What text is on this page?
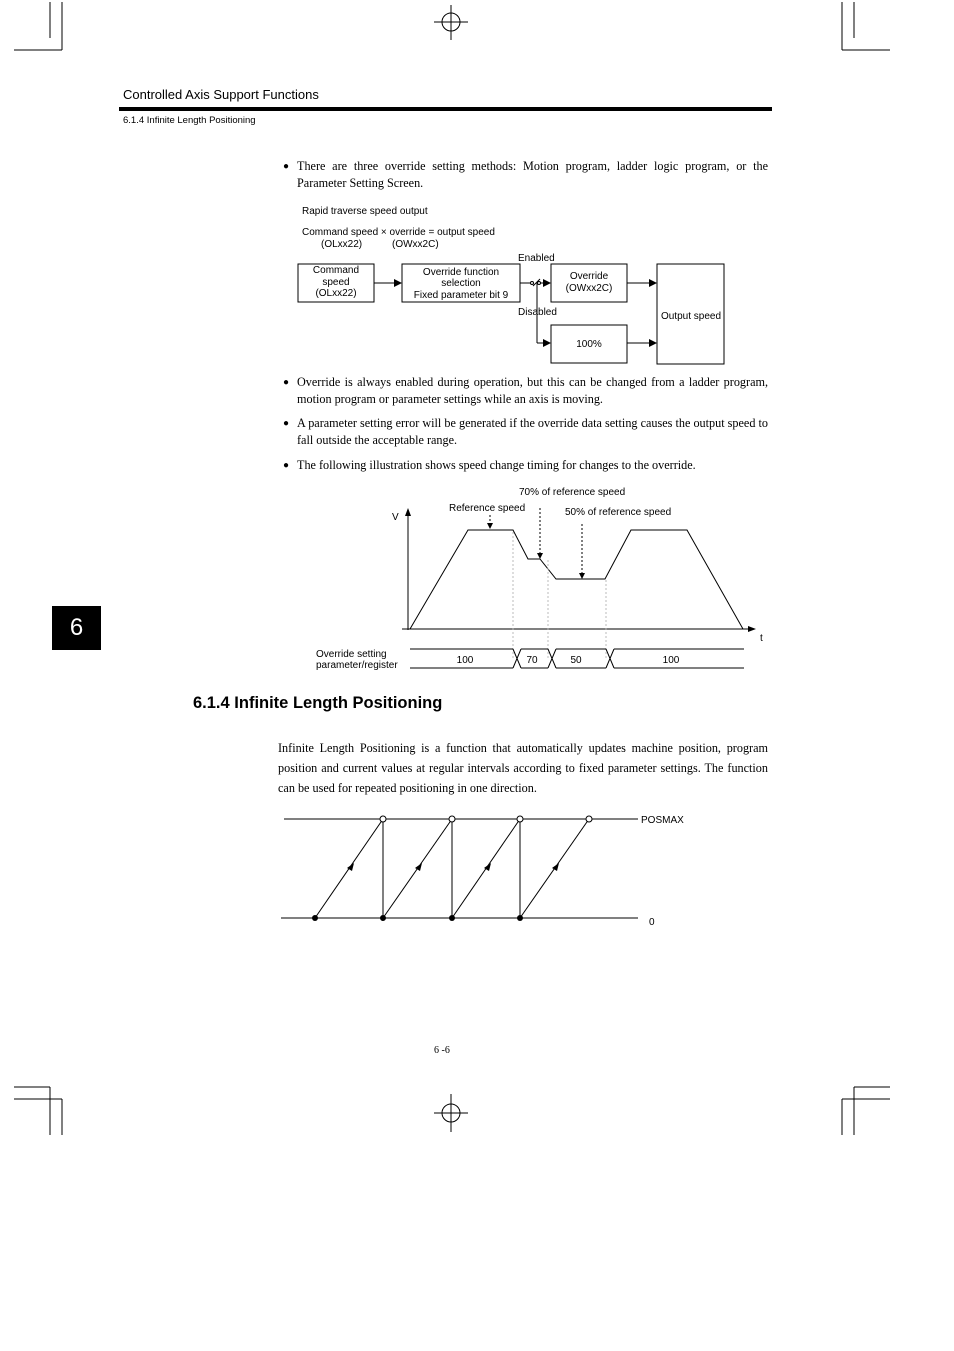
Controlled Axis Support Functions
6.1.4 Infinite Length Positioning
● There are three override setting methods: Motion program, ladder logic program, or the Parameter Setting Screen.
Rapid traverse speed output
Command speed × override = output speed
(OLxx22)	(OWxx2C)
Command
speed
(OLxx22)
Override function
selection
Fixed parameter bit 9
Enabled
Disabled
Override
(OWxx2C)
100%
Output speed
● Override is always enabled during operation, but this can be changed from a ladder program, motion program or parameter settings while an axis is moving.
● A parameter setting error will be generated if the override data setting causes the output speed to fall outside the acceptable range.
● The following illustration shows speed change timing for changes to the override.
70% of reference speed
Reference speed	50% of reference speed
V
t
Override setting
parameter/register	100	70	50	100
6
6.1.4 Infinite Length Positioning
Infinite Length Positioning is a function that automatically updates machine position, program position and current values at regular intervals according to fixed parameter settings. The function can be used for repeated positioning in one direction.
POSMAX
0
6 -6
